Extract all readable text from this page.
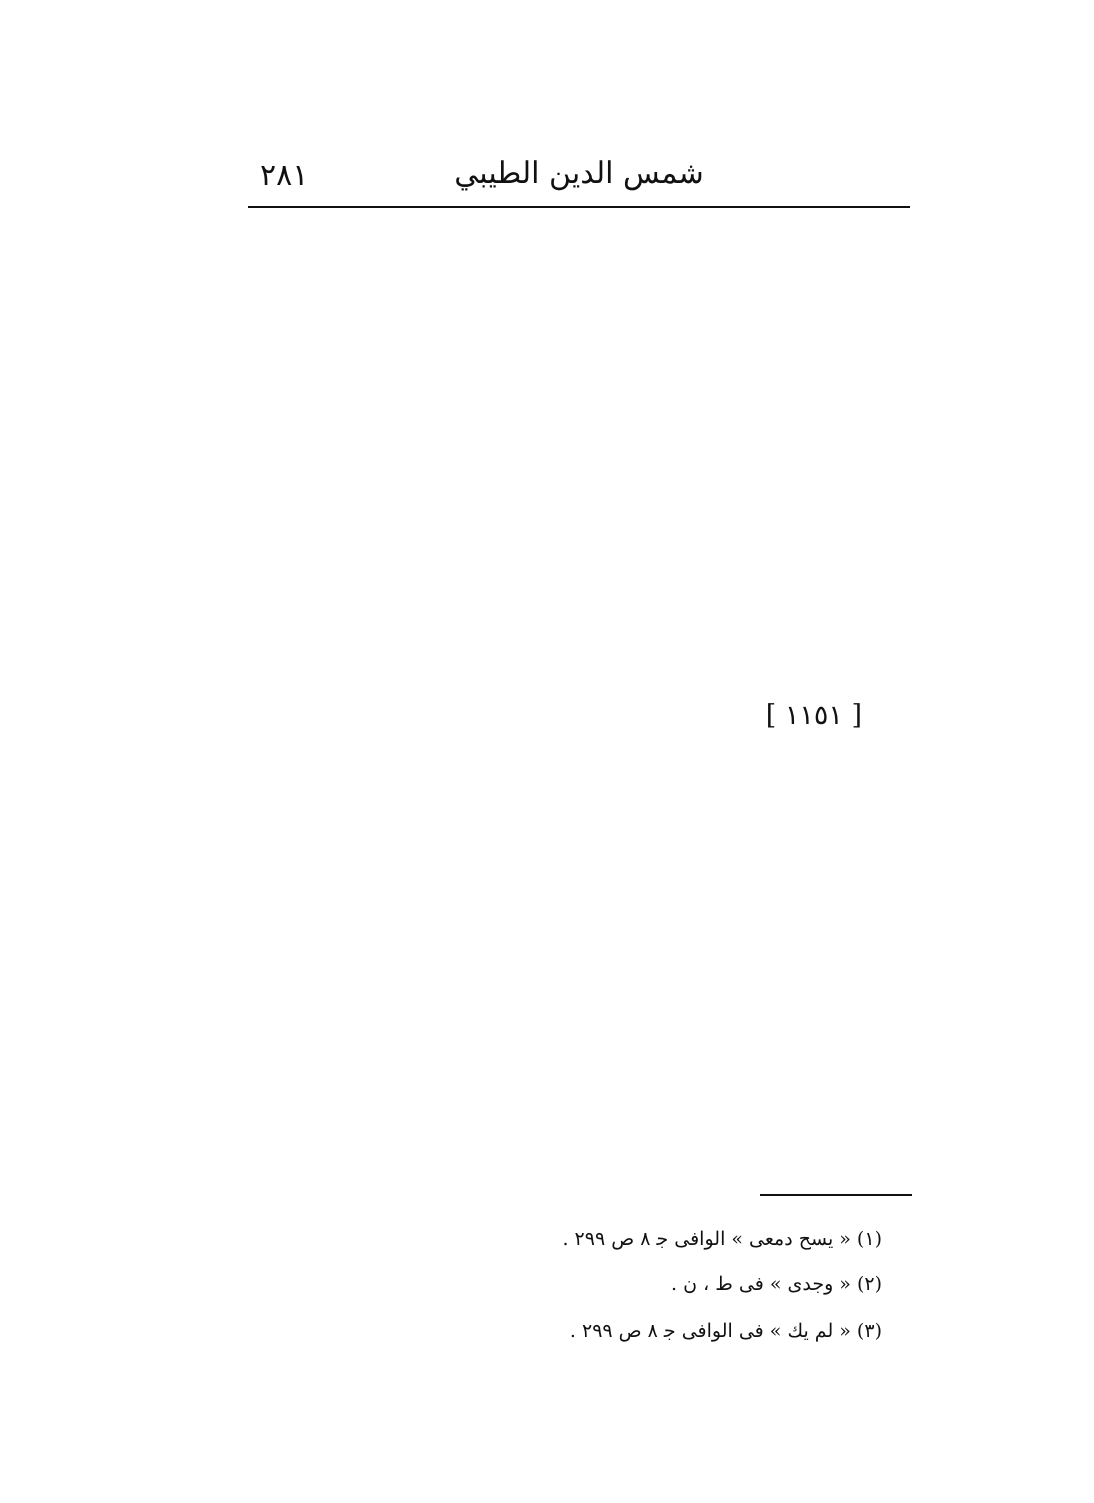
٢٨١	شمس الدين الطيبي
[ ١١٥١ ]
(١) « يسح دمعى » الوافى ﺟ ٨ ص ٢٩٩ .
(٢) « وجدى » فى ط ، ن .
(٣) « لم يك » فى الوافى ﺟ ٨ ص ٢٩٩ .
